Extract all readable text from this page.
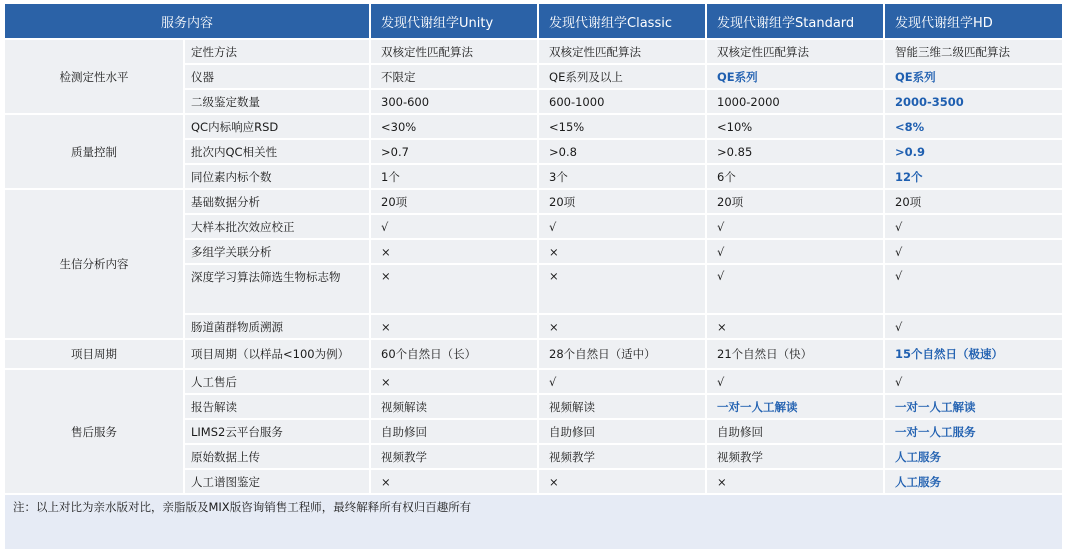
服务内容		发现代谢组学Unity	发现代谢组学Classic	发现代谢组学Standard	发现代谢组学HD
检测定性水平	定性方法	双核定性匹配算法	双核定性匹配算法	双核定性匹配算法	智能三维二级匹配算法
	仪器	不限定	QE系列及以上	QE系列	QE系列
	二级鉴定数量	300-600	600-1000	1000-2000	2000-3500
质量控制	QC内标响应RSD	<30%	<15%	<10%	<8%
	批次内QC相关性	>0.7	>0.8	>0.85	>0.9
	同位素内标个数	1个	3个	6个	12个
生信分析内容	基础数据分析	20项	20项	20项	20项
	大样本批次效应校正	√	√	√	√
	多组学关联分析	×	×	√	√
	深度学习算法筛选生物标志物	×	×	√	√
	肠道菌群物质溯源	×	×	×	√
项目周期	项目周期（以样品<100为例）	60个自然日（长）	28个自然日（适中）	21个自然日（快）	15个自然日（极速）
售后服务	人工售后	×	√	√	√
	报告解读	视频解读	视频解读	一对一人工解读	一对一人工解读
	LIMS2云平台服务	自助修回	自助修回	自助修回	一对一人工服务
	原始数据上传	视频教学	视频教学	视频教学	人工服务
	人工谱图鉴定	×	×	×	人工服务
注：以上对比为亲水版对比，亲脂版及MIX版咨询销售工程师，最终解释所有权归百趣所有					
